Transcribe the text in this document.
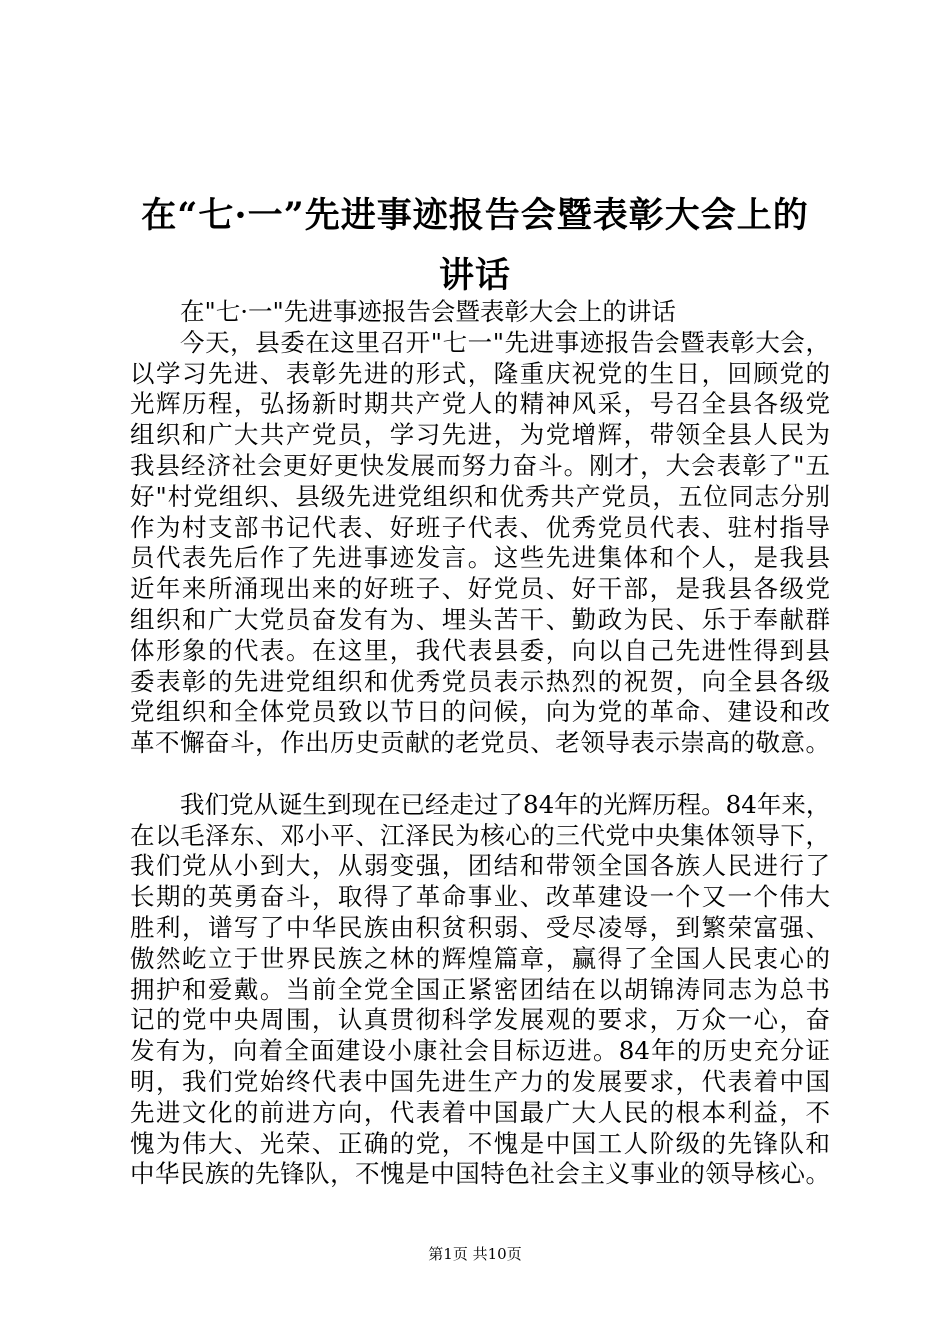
在“七·一”先进事迹报告会暨表彰大会上的
讲话
在"七·一"先进事迹报告会暨表彰大会上的讲话
今天，县委在这里召开"七一"先进事迹报告会暨表彰大会，
以学习先进、表彰先进的形式，隆重庆祝党的生日，回顾党的
光辉历程，弘扬新时期共产党人的精神风采，号召全县各级党
组织和广大共产党员，学习先进，为党增辉，带领全县人民为
我县经济社会更好更快发展而努力奋斗。刚才，大会表彰了"五
好"村党组织、县级先进党组织和优秀共产党员，五位同志分别
作为村支部书记代表、好班子代表、优秀党员代表、驻村指导
员代表先后作了先进事迹发言。这些先进集体和个人，是我县
近年来所涌现出来的好班子、好党员、好干部，是我县各级党
组织和广大党员奋发有为、埋头苦干、勤政为民、乐于奉献群
体形象的代表。在这里，我代表县委，向以自己先进性得到县
委表彰的先进党组织和优秀党员表示热烈的祝贺，向全县各级
党组织和全体党员致以节日的问候，向为党的革命、建设和改
革不懈奋斗，作出历史贡献的老党员、老领导表示崇高的敬意。
我们党从诞生到现在已经走过了84年的光辉历程。84年来，
在以毛泽东、邓小平、江泽民为核心的三代党中央集体领导下，
我们党从小到大，从弱变强，团结和带领全国各族人民进行了
长期的英勇奋斗，取得了革命事业、改革建设一个又一个伟大
胜利，谱写了中华民族由积贫积弱、受尽凌辱，到繁荣富强、
傲然屹立于世界民族之林的辉煌篇章，赢得了全国人民衷心的
拥护和爱戴。当前全党全国正紧密团结在以胡锦涛同志为总书
记的党中央周围，认真贯彻科学发展观的要求，万众一心，奋
发有为，向着全面建设小康社会目标迈进。84年的历史充分证
明，我们党始终代表中国先进生产力的发展要求，代表着中国
先进文化的前进方向，代表着中国最广大人民的根本利益，不
愧为伟大、光荣、正确的党，不愧是中国工人阶级的先锋队和
中华民族的先锋队，不愧是中国特色社会主义事业的领导核心。
第1页 共10页
